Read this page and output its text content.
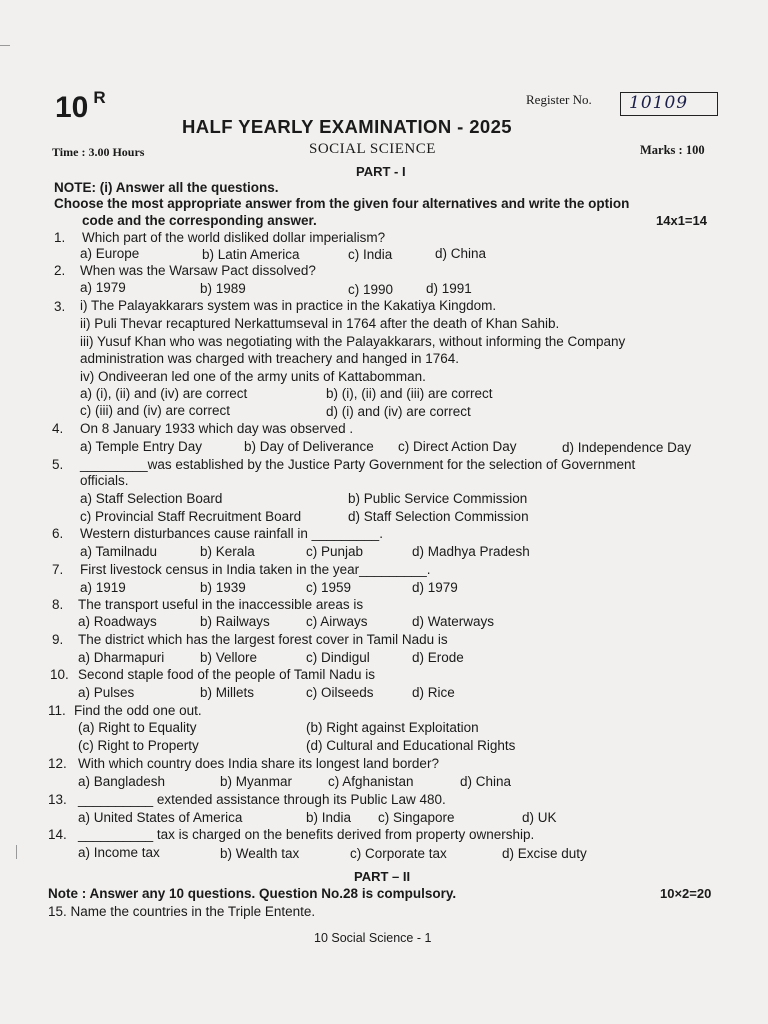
10 $^R$	Register No. 10109
HALF YEARLY EXAMINATION - 2025
Time : 3.00 Hours	SOCIAL SCIENCE	Marks : 100
PART - I
NOTE: (i) Answer all the questions.
Choose the most appropriate answer from the given four alternatives and write the option
code and the corresponding answer.	14x1=14
1. Which part of the world disliked dollar imperialism?
a) Europe	b) Latin America	c) India	d) China
2. When was the Warsaw Pact dissolved?
a) 1979	b) 1989	c) 1990 d) 1991
3. i) The Palayakkarars system was in practice in the Kakatiya Kingdom.
ii) Puli Thevar recaptured Nerkattumseval in 1764 after the death of Khan Sahib.
iii) Yusuf Khan who was negotiating with the Palayakkarars, without informing the Company
administration was charged with treachery and hanged in 1764.
iv) Ondiveeran led one of the army units of Kattabomman.
a) (i), (ii) and (iv) are correct	b) (i), (ii) and (iii) are correct
c) (iii) and (iv) are correct	d) (i) and (iv) are correct
4. On 8 January 1933 which day was observed .
a) Temple Entry Day	b) Day of Deliverance c) Direct Action Day	d) Independence Day
5. _________was established by the Justice Party Government for the selection of Government
officials.
a) Staff Selection Board	b) Public Service Commission
c) Provincial Staff Recruitment Board	d) Staff Selection Commission
6. Western disturbances cause rainfall in _________.
a) Tamilnadu	b) Kerala	c) Punjab	d) Madhya Pradesh
7. First livestock census in India taken in the year_________.
a) 1919	b) 1939	c) 1959	d) 1979
8. The transport useful in the inaccessible areas is
a) Roadways	b) Railways	c) Airways	d) Waterways
9. The district which has the largest forest cover in Tamil Nadu is
a) Dharmapuri	b) Vellore	c) Dindigul	d) Erode
10. Second staple food of the people of Tamil Nadu is
a) Pulses	b) Millets	c) Oilseeds	d) Rice
11. Find the odd one out.
(a) Right to Equality	(b) Right against Exploitation
(c) Right to Property	(d) Cultural and Educational Rights
12. With which country does India share its longest land border?
a) Bangladesh	b) Myanmar	c) Afghanistan	d) China
13. __________ extended assistance through its Public Law 480.
a) United States of America	b) India c) Singapore	d) UK
14. __________ tax is charged on the benefits derived from property ownership.
a) Income tax	b) Wealth tax	c) Corporate tax	d) Excise duty
PART – II
Note : Answer any 10 questions. Question No.28 is compulsory.	10×2=20
15. Name the countries in the Triple Entente.
10 Social Science - 1
